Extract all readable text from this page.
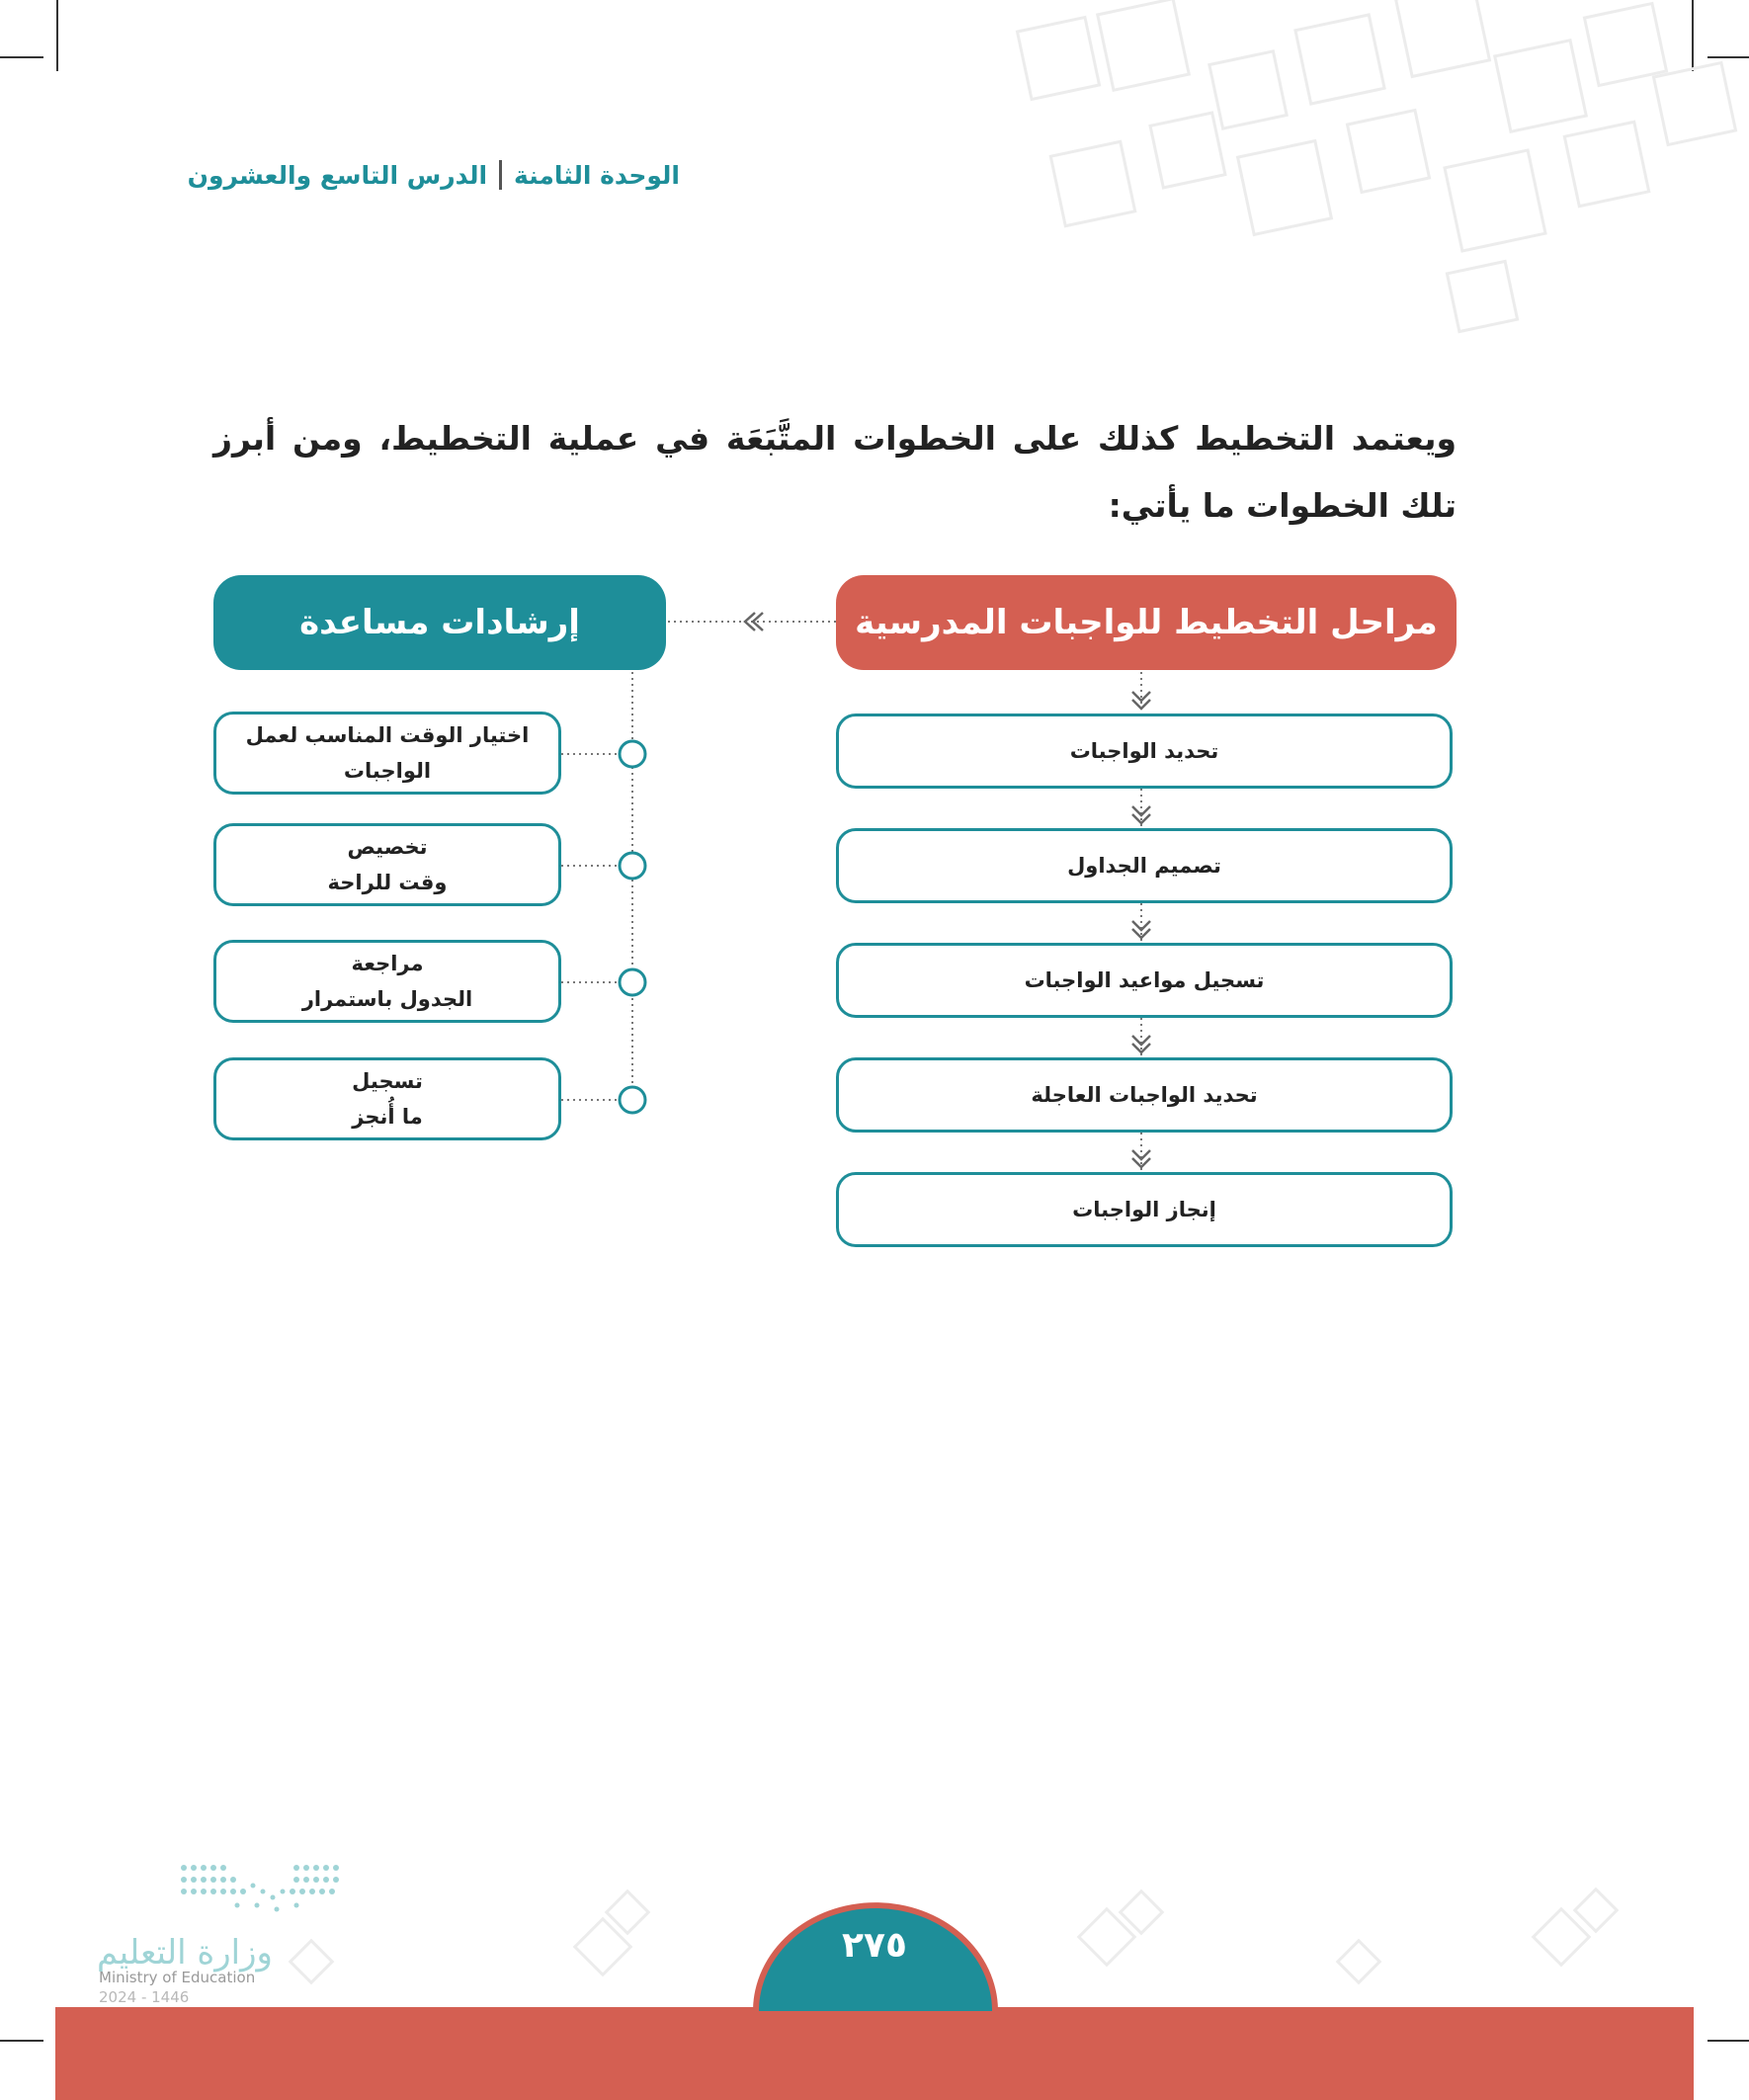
الوحدة الثامنة
الدرس التاسع والعشرون
ويعتمد التخطيط كذلك على الخطوات المتَّبَعَة في عملية التخطيط، ومن أبرز تلك الخطوات ما يأتي:
مراحل التخطيط للواجبات المدرسية
إرشادات مساعدة
تحديد الواجبات
تصميم الجداول
تسجيل مواعيد الواجبات
تحديد الواجبات العاجلة
إنجاز الواجبات
اختيار الوقت المناسب لعمل
الواجبات
تخصيص
وقت للراحة
مراجعة
الجدول باستمرار
تسجيل
ما أُنجز
٢٧٥
وزارة التعليم
Ministry of Education
2024 - 1446
